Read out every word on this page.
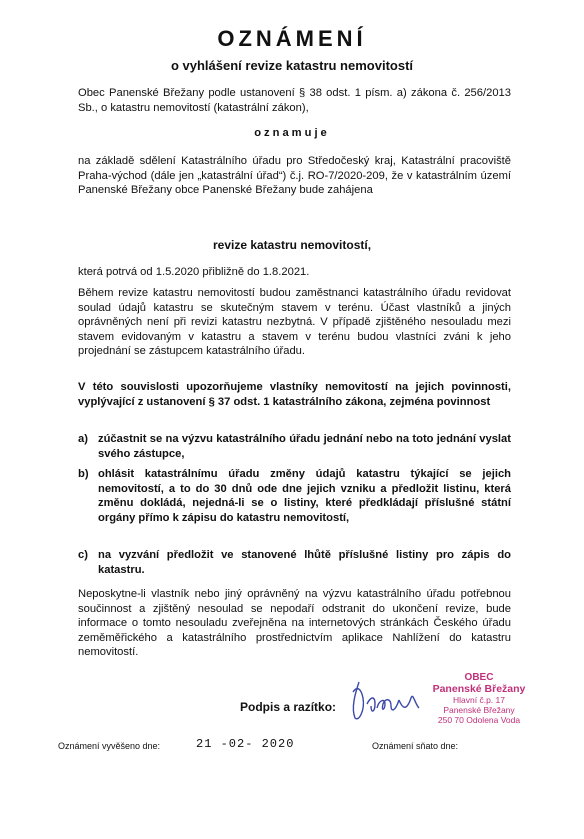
OZNÁMENÍ
o vyhlášení revize katastru nemovitostí
Obec Panenské Břežany podle ustanovení § 38 odst. 1 písm. a) zákona č. 256/2013 Sb., o katastru nemovitostí (katastrální zákon),
oznamuje
na základě sdělení Katastrálního úřadu pro Středočeský kraj, Katastrální pracoviště Praha-východ (dále jen „katastrální úřad“) č.j. RO-7/2020-209, že v katastrálním území Panenské Břežany obce Panenské Břežany bude zahájena
revize katastru nemovitostí,
která potrvá od 1.5.2020 přibližně do 1.8.2021.
Během revize katastru nemovitostí budou zaměstnanci katastrálního úřadu revidovat soulad údajů katastru se skutečným stavem v terénu. Účast vlastníků a jiných oprávněných není při revizi katastru nezbytná. V případě zjištěného nesouladu mezi stavem evidovaným v katastru a stavem v terénu budou vlastníci zváni k jeho projednání se zástupcem katastrálního úřadu.
V této souvislosti upozorňujeme vlastníky nemovitostí na jejich povinnosti, vyplývající z ustanovení § 37 odst. 1 katastrálního zákona, zejména povinnost
a) zúčastnit se na výzvu katastrálního úřadu jednání nebo na toto jednání vyslat svého zástupce,
b) ohlásit katastrálnímu úřadu změny údajů katastru týkající se jejich nemovitostí, a to do 30 dnů ode dne jejich vzniku a předložit listinu, která změnu dokládá, nejedná-li se o listiny, které předkládají příslušné státní orgány přímo k zápisu do katastru nemovitostí,
c) na vyzvání předložit ve stanovené lhůtě příslušné listiny pro zápis do katastru.
Neposkytne-li vlastník nebo jiný oprávněný na výzvu katastrálního úřadu potřebnou součinnost a zjištěný nesoulad se nepodaří odstranit do ukončení revize, bude informace o tomto nesouladu zveřejněna na internetových stránkách Českého úřadu zeměměřického a katastrálního prostřednictvím aplikace Nahlížení do katastru nemovitostí.
Podpis a razítko:
OBEC
Panenské Břežany
Hlavní č.p. 17
Panenské Břežany
250 70 Odolena Voda
Oznámení vyvěšeno dne:	21 -02- 2020	Oznámení sňato dne:
